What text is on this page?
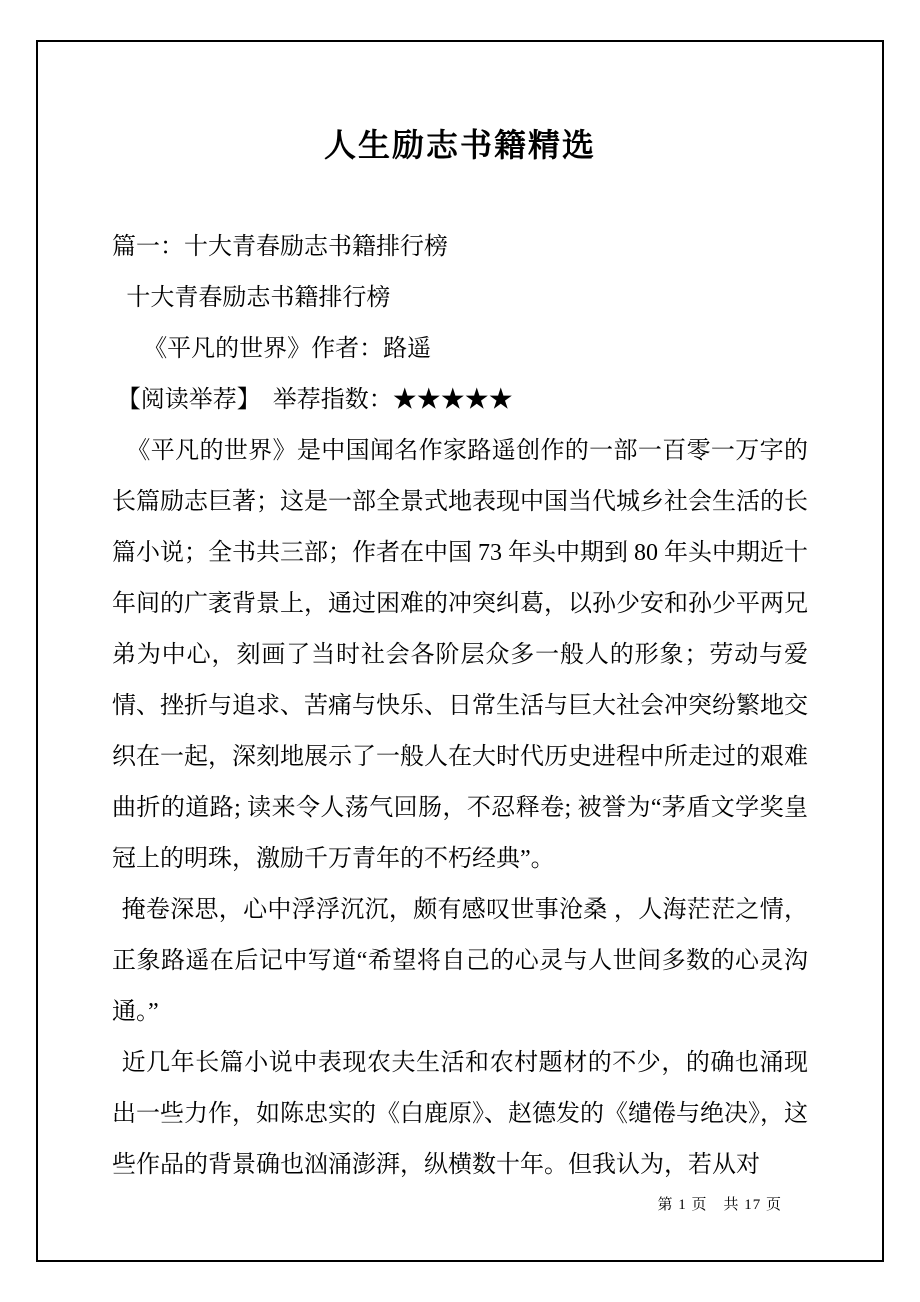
人生励志书籍精选

篇一：十大青春励志书籍排行榜

十大青春励志书籍排行榜

《平凡的世界》作者：路遥

【阅读举荐】　举荐指数：★★★★★

《平凡的世界》是中国闻名作家路遥创作的一部一百零一万字的长篇励志巨著；这是一部全景式地表现中国当代城乡社会生活的长篇小说；全书共三部；作者在中国 73 年头中期到 80 年头中期近十年间的广袤背景上，通过困难的冲突纠葛，以孙少安和孙少平两兄弟为中心，刻画了当时社会各阶层众多一般人的形象；劳动与爱情、挫折与追求、苦痛与快乐、日常生活与巨大社会冲突纷繁地交织在一起，深刻地展示了一般人在大时代历史进程中所走过的艰难曲折的道路; 读来令人荡气回肠，不忍释卷; 被誉为“茅盾文学奖皇冠上的明珠，激励千万青年的不朽经典”。

掩卷深思，心中浮浮沉沉，颇有感叹世事沧桑 ，人海茫茫之情，正象路遥在后记中写道“希望将自己的心灵与人世间多数的心灵沟通。”

近几年长篇小说中表现农夫生活和农村题材的不少，的确也涌现出一些力作，如陈忠实的《白鹿原》、赵德发的《缱倦与绝决》，这些作品的背景确也汹涌澎湃，纵横数十年。但我认为，若从对

第 1 页　共 17 页
